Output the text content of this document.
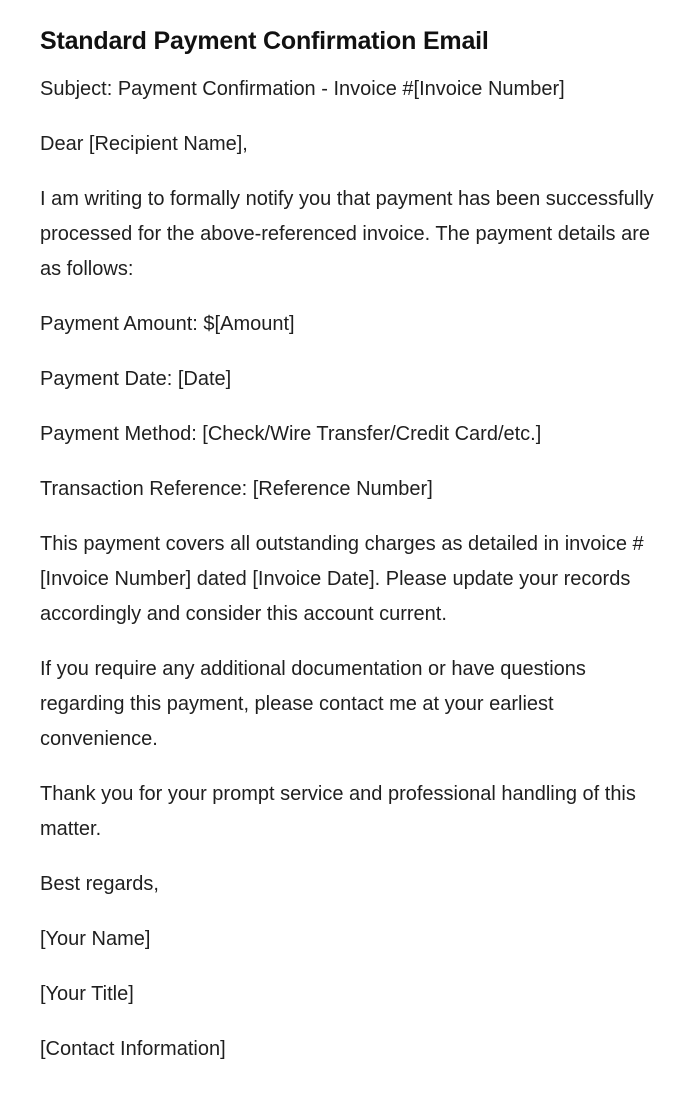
Standard Payment Confirmation Email

Subject: Payment Confirmation - Invoice #[Invoice Number]

Dear [Recipient Name],

I am writing to formally notify you that payment has been successfully processed for the above-referenced invoice. The payment details are as follows:

Payment Amount: $[Amount]

Payment Date: [Date]

Payment Method: [Check/Wire Transfer/Credit Card/etc.]

Transaction Reference: [Reference Number]

This payment covers all outstanding charges as detailed in invoice #[Invoice Number] dated [Invoice Date]. Please update your records accordingly and consider this account current.

If you require any additional documentation or have questions regarding this payment, please contact me at your earliest convenience.

Thank you for your prompt service and professional handling of this matter.

Best regards,

[Your Name]

[Your Title]

[Contact Information]
